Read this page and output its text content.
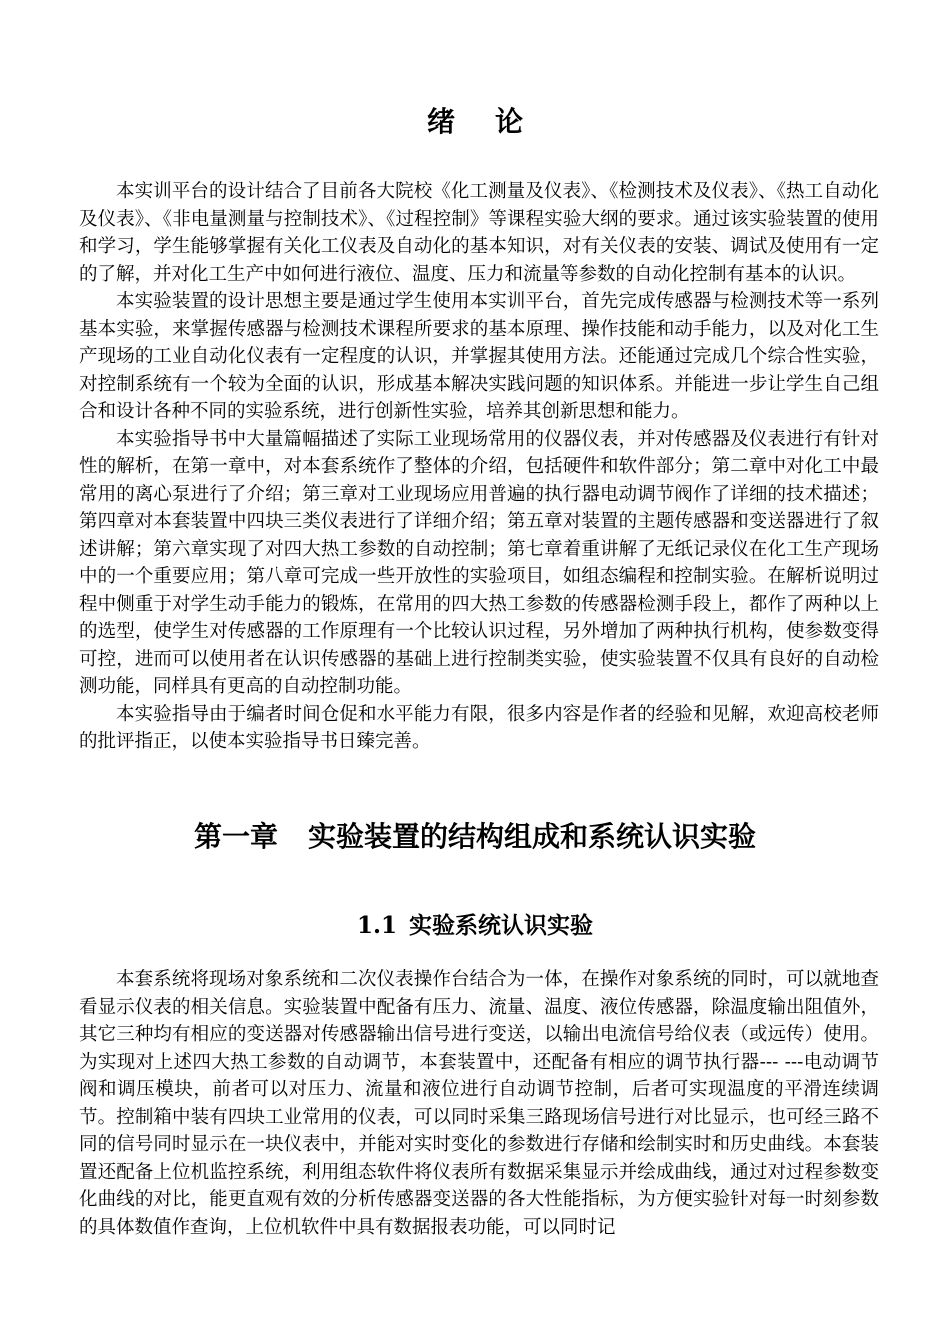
绪论

本实训平台的设计结合了目前各大院校《化工测量及仪表》、《检测技术及仪表》、《热工自动化及仪表》、《非电量测量与控制技术》、《过程控制》等课程实验大纲的要求。通过该实验装置的使用和学习，学生能够掌握有关化工仪表及自动化的基本知识，对有关仪表的安装、调试及使用有一定的了解，并对化工生产中如何进行液位、温度、压力和流量等参数的自动化控制有基本的认识。

本实验装置的设计思想主要是通过学生使用本实训平台，首先完成传感器与检测技术等一系列基本实验，来掌握传感器与检测技术课程所要求的基本原理、操作技能和动手能力，以及对化工生产现场的工业自动化仪表有一定程度的认识，并掌握其使用方法。还能通过完成几个综合性实验，对控制系统有一个较为全面的认识，形成基本解决实践问题的知识体系。并能进一步让学生自己组合和设计各种不同的实验系统，进行创新性实验，培养其创新思想和能力。

本实验指导书中大量篇幅描述了实际工业现场常用的仪器仪表，并对传感器及仪表进行有针对性的解析，在第一章中，对本套系统作了整体的介绍，包括硬件和软件部分；第二章中对化工中最常用的离心泵进行了介绍；第三章对工业现场应用普遍的执行器电动调节阀作了详细的技术描述；第四章对本套装置中四块三类仪表进行了详细介绍；第五章对装置的主题传感器和变送器进行了叙述讲解；第六章实现了对四大热工参数的自动控制；第七章着重讲解了无纸记录仪在化工生产现场中的一个重要应用；第八章可完成一些开放性的实验项目，如组态编程和控制实验。在解析说明过程中侧重于对学生动手能力的锻炼，在常用的四大热工参数的传感器检测手段上，都作了两种以上的选型，使学生对传感器的工作原理有一个比较认识过程，另外增加了两种执行机构，使参数变得可控，进而可以使用者在认识传感器的基础上进行控制类实验，使实验装置不仅具有良好的自动检测功能，同样具有更高的自动控制功能。

本实验指导由于编者时间仓促和水平能力有限，很多内容是作者的经验和见解，欢迎高校老师的批评指正，以使本实验指导书日臻完善。

第一章 实验装置的结构组成和系统认识实验
1.1 实验系统认识实验

本套系统将现场对象系统和二次仪表操作台结合为一体，在操作对象系统的同时，可以就地查看显示仪表的相关信息。实验装置中配备有压力、流量、温度、液位传感器，除温度输出阻值外，其它三种均有相应的变送器对传感器输出信号进行变送，以输出电流信号给仪表（或远传）使用。为实现对上述四大热工参数的自动调节，本套装置中，还配备有相应的调节执行器--- ---电动调节阀和调压模块，前者可以对压力、流量和液位进行自动调节控制，后者可实现温度的平滑连续调节。控制箱中装有四块工业常用的仪表，可以同时采集三路现场信号进行对比显示，也可经三路不同的信号同时显示在一块仪表中，并能对实时变化的参数进行存储和绘制实时和历史曲线。本套装置还配备上位机监控系统，利用组态软件将仪表所有数据采集显示并绘成曲线，通过对过程参数变化曲线的对比，能更直观有效的分析传感器变送器的各大性能指标，为方便实验针对每一时刻参数的具体数值作查询，上位机软件中具有数据报表功能，可以同时记
